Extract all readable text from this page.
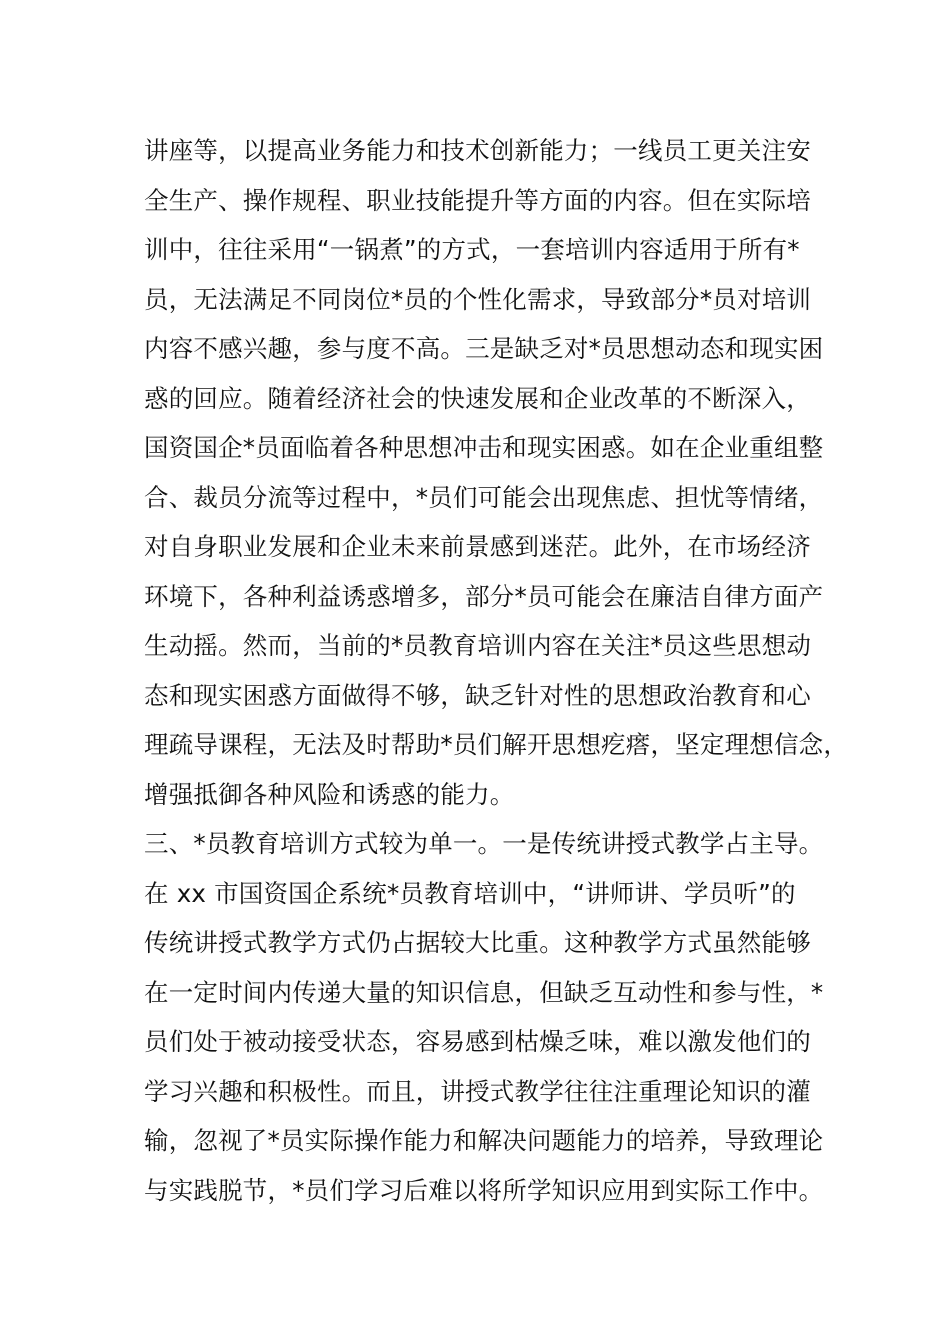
讲座等，以提高业务能力和技术创新能力；一线员工更关注安
全生产、操作规程、职业技能提升等方面的内容。但在实际培
训中，往往采用“一锅煮”的方式，一套培训内容适用于所有*
员，无法满足不同岗位*员的个性化需求，导致部分*员对培训
内容不感兴趣，参与度不高。三是缺乏对*员思想动态和现实困
惑的回应。随着经济社会的快速发展和企业改革的不断深入，
国资国企*员面临着各种思想冲击和现实困惑。如在企业重组整
合、裁员分流等过程中，*员们可能会出现焦虑、担忧等情绪，
对自身职业发展和企业未来前景感到迷茫。此外，在市场经济
环境下，各种利益诱惑增多，部分*员可能会在廉洁自律方面产
生动摇。然而，当前的*员教育培训内容在关注*员这些思想动
态和现实困惑方面做得不够，缺乏针对性的思想政治教育和心
理疏导课程，无法及时帮助*员们解开思想疙瘩，坚定理想信念，
增强抵御各种风险和诱惑的能力。
三、*员教育培训方式较为单一。一是传统讲授式教学占主导。
在 xx 市国资国企系统*员教育培训中，“讲师讲、学员听”的
传统讲授式教学方式仍占据较大比重。这种教学方式虽然能够
在一定时间内传递大量的知识信息，但缺乏互动性和参与性，*
员们处于被动接受状态，容易感到枯燥乏味，难以激发他们的
学习兴趣和积极性。而且，讲授式教学往往注重理论知识的灌
输，忽视了*员实际操作能力和解决问题能力的培养，导致理论
与实践脱节，*员们学习后难以将所学知识应用到实际工作中。
